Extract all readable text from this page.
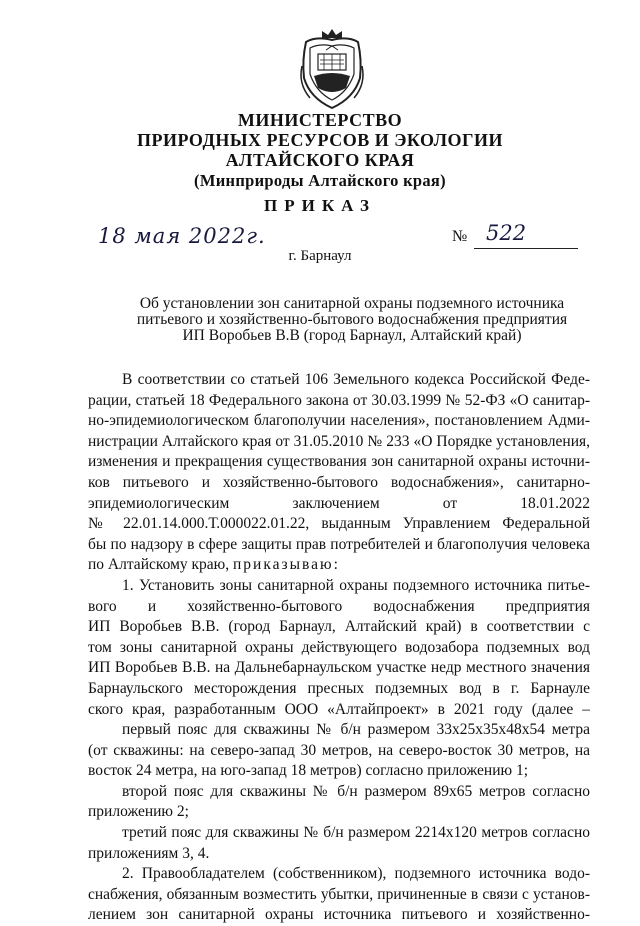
МИНИСТЕРСТВО
ПРИРОДНЫХ РЕСУРСОВ И ЭКОЛОГИИ
АЛТАЙСКОГО КРАЯ
(Минприроды Алтайского края)
ПРИКАЗ
18 мая 2022г.	№ 522
г. Барнаул
Об установлении зон санитарной охраны подземного источника
питьевого и хозяйственно-бытового водоснабжения предприятия
ИП Воробьев В.В (город Барнаул, Алтайский край)
В соответствии со статьей 106 Земельного кодекса Российской Феде-
рации, статьей 18 Федерального закона от 30.03.1999 № 52-ФЗ «О санитар-
но-эпидемиологическом благополучии населения», постановлением Адми-
нистрации Алтайского края от 31.05.2010 № 233 «О Порядке установления,
изменения и прекращения существования зон санитарной охраны источни-
ков питьевого и хозяйственно-бытового водоснабжения», санитарно-
эпидемиологическим заключением от 18.01.2022
№ 22.01.14.000.Т.000022.01.22, выданным Управлением Федеральной
бы по надзору в сфере защиты прав потребителей и благополучия человека
по Алтайскому краю, приказываю:
1. Установить зоны санитарной охраны подземного источника питье-
вого и хозяйственно-бытового водоснабжения предприятия
ИП Воробьев В.В. (город Барнаул, Алтайский край) в соответствии с
том зоны санитарной охраны действующего водозабора подземных вод
ИП Воробьев В.В. на Дальнебарнаульском участке недр местного значения
Барнаульского месторождения пресных подземных вод в г. Барнауле
ского края, разработанным ООО «Алтайпроект» в 2021 году (далее –
первый пояс для скважины № б/н размером 33х25х35х48х54 метра
(от скважины: на северо-запад 30 метров, на северо-восток 30 метров, на
восток 24 метра, на юго-запад 18 метров) согласно приложению 1;
второй пояс для скважины № б/н размером 89х65 метров согласно
приложению 2;
третий пояс для скважины № б/н размером 2214х120 метров согласно
приложениям 3, 4.
2. Правообладателем (собственником), подземного источника водо-
снабжения, обязанным возместить убытки, причиненные в связи с установ-
лением зон санитарной охраны источника питьевого и хозяйственно-
